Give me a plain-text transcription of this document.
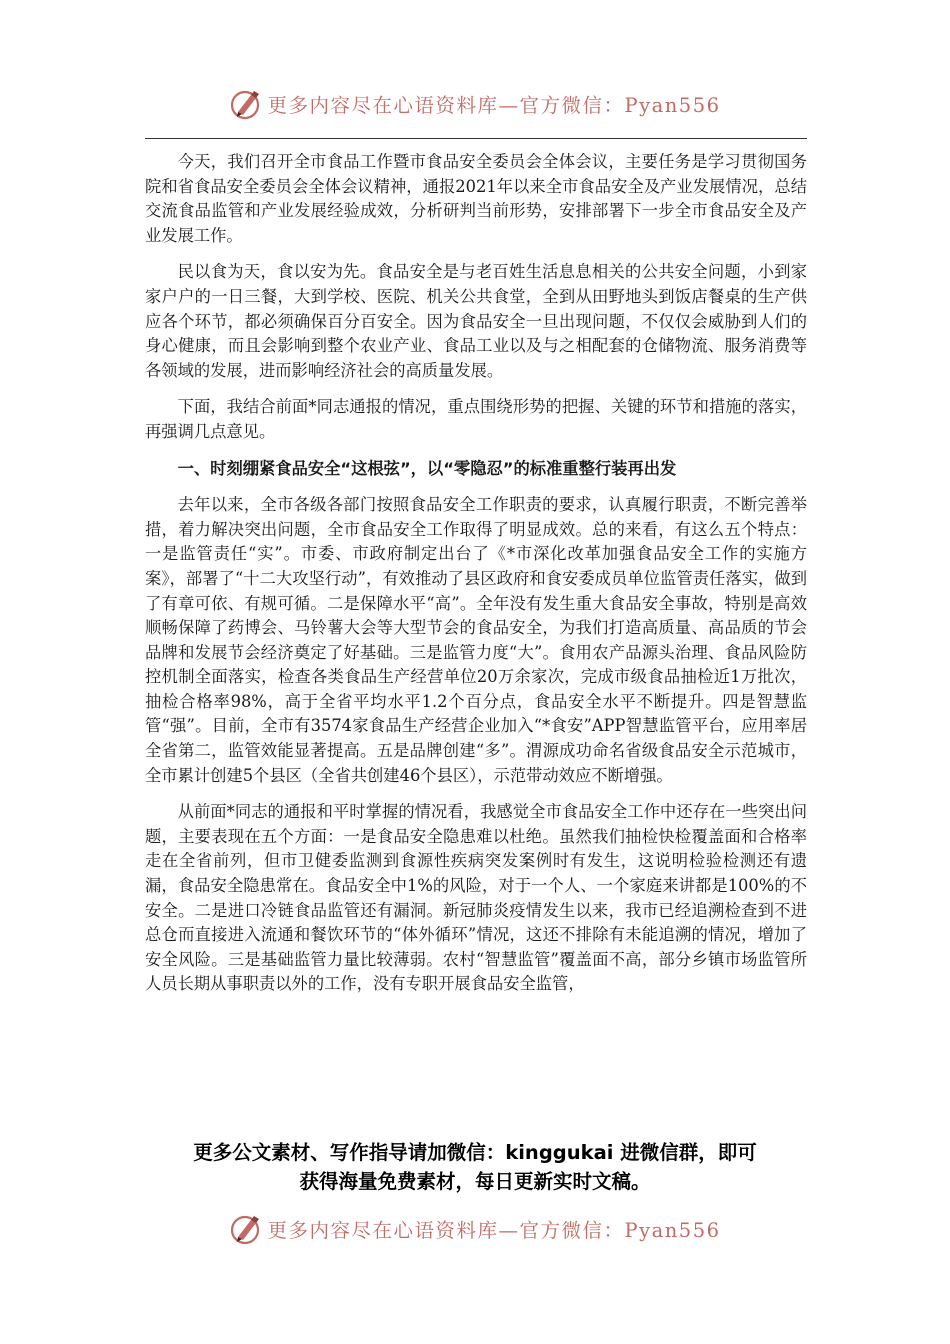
更多内容尽在心语资料库—官方微信：Pyan556

今天，我们召开全市食品工作暨市食品安全委员会全体会议，主要任务是学习贯彻国务院和省食品安全委员会全体会议精神，通报2021年以来全市食品安全及产业发展情况，总结交流食品监管和产业发展经验成效，分析研判当前形势，安排部署下一步全市食品安全及产业发展工作。

民以食为天，食以安为先。食品安全是与老百姓生活息息相关的公共安全问题，小到家家户户的一日三餐，大到学校、医院、机关公共食堂，全到从田野地头到饭店餐桌的生产供应各个环节，都必须确保百分百安全。因为食品安全一旦出现问题，不仅仅会威胁到人们的身心健康，而且会影响到整个农业产业、食品工业以及与之相配套的仓储物流、服务消费等各领域的发展，进而影响经济社会的高质量发展。

下面，我结合前面*同志通报的情况，重点围绕形势的把握、关键的环节和措施的落实，再强调几点意见。

一、时刻绷紧食品安全“这根弦”，以“零隐忍”的标准重整行装再出发

去年以来，全市各级各部门按照食品安全工作职责的要求，认真履行职责，不断完善举措，着力解决突出问题，全市食品安全工作取得了明显成效。总的来看，有这么五个特点：一是监管责任“实”。市委、市政府制定出台了《*市深化改革加强食品安全工作的实施方案》，部署了“十二大攻坚行动”，有效推动了县区政府和食安委成员单位监管责任落实，做到了有章可依、有规可循。二是保障水平“高”。全年没有发生重大食品安全事故，特别是高效顺畅保障了药博会、马铃薯大会等大型节会的食品安全，为我们打造高质量、高品质的节会品牌和发展节会经济奠定了好基础。三是监管力度“大”。食用农产品源头治理、食品风险防控机制全面落实，检查各类食品生产经营单位20万余家次，完成市级食品抽检近1万批次，抽检合格率98%，高于全省平均水平1.2个百分点，食品安全水平不断提升。四是智慧监管“强”。目前，全市有3574家食品生产经营企业加入“*食安”APP智慧监管平台，应用率居全省第二，监管效能显著提高。五是品牌创建“多”。渭源成功命名省级食品安全示范城市，全市累计创建5个县区（全省共创建46个县区），示范带动效应不断增强。

从前面*同志的通报和平时掌握的情况看，我感觉全市食品安全工作中还存在一些突出问题，主要表现在五个方面：一是食品安全隐患难以杜绝。虽然我们抽检快检覆盖面和合格率走在全省前列，但市卫健委监测到食源性疾病突发案例时有发生，这说明检验检测还有遗漏，食品安全隐患常在。食品安全中1%的风险，对于一个人、一个家庭来讲都是100%的不安全。二是进口冷链食品监管还有漏洞。新冠肺炎疫情发生以来，我市已经追溯检查到不进总仓而直接进入流通和餐饮环节的“体外循环”情况，这还不排除有未能追溯的情况，增加了安全风险。三是基础监管力量比较薄弱。农村“智慧监管”覆盖面不高，部分乡镇市场监管所人员长期从事职责以外的工作，没有专职开展食品安全监管，

更多公文素材、写作指导请加微信：kinggukai 进微信群，即可
获得海量免费素材，每日更新实时文稿。
更多内容尽在心语资料库—官方微信：Pyan556
